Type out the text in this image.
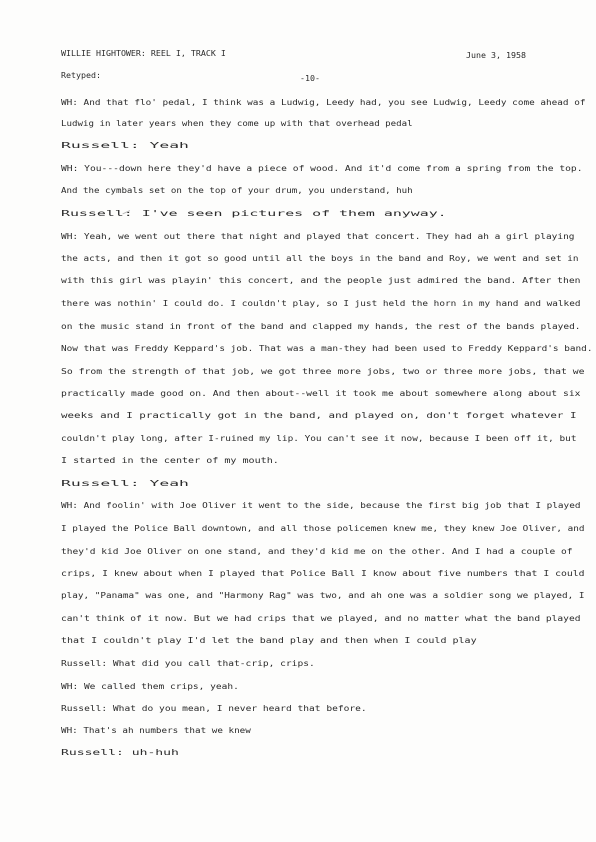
WILLIE HIGHTOWER: REEL I, TRACK I	June 3, 1958
Retyped:	-10-
WH: And that flo' pedal, I think was a Ludwig, Leedy had, you see Ludwig, Leedy come ahead of
Ludwig in later years when they come up with that overhead pedal
Russell: Yeah
WH: You---down here they'd have a piece of wood. And it'd come from a spring from the top.
And the cymbals set on the top of your drum, you understand, huh
Russell: I've seen pictures of them anyway.
WH: Yeah, we went out there that night and played that concert. They had ah a girl playing
the acts, and then it got so good until all the boys in the band and Roy, we went and set in
with this girl was playin' this concert, and the people just admired the band. After then
there was nothin' I could do. I couldn't play, so I just held the horn in my hand and walked
on the music stand in front of the band and clapped my hands, the rest of the bands played.
Now that was Freddy Keppard's job. That was a man-they had been used to Freddy Keppard's band.
So from the strength of that job, we got three more jobs, two or three more jobs, that we
practically made good on. And then about--well it took me about somewhere along about six
weeks and I practically got in the band, and played on, don't forget whatever I
couldn't play long, after I-ruined my lip. You can't see it now, because I been off it, but
I started in the center of my mouth.
Russell: Yeah
WH: And foolin' with Joe Oliver it went to the side, because the first big job that I played
I played the Police Ball downtown, and all those policemen knew me, they knew Joe Oliver, and
they'd kid Joe Oliver on one stand, and they'd kid me on the other. And I had a couple of
crips, I knew about when I played that Police Ball I know about five numbers that I could
play, "Panama" was one, and "Harmony Rag" was two, and ah one was a soldier song we played, I
can't think of it now. But we had crips that we played, and no matter what the band played
that I couldn't play I'd let the band play and then when I could play
Russell: What did you call that-crip, crips.
WH: We called them crips, yeah.
Russell: What do you mean, I never heard that before.
WH: That's ah numbers that we knew
Russell: uh-huh
